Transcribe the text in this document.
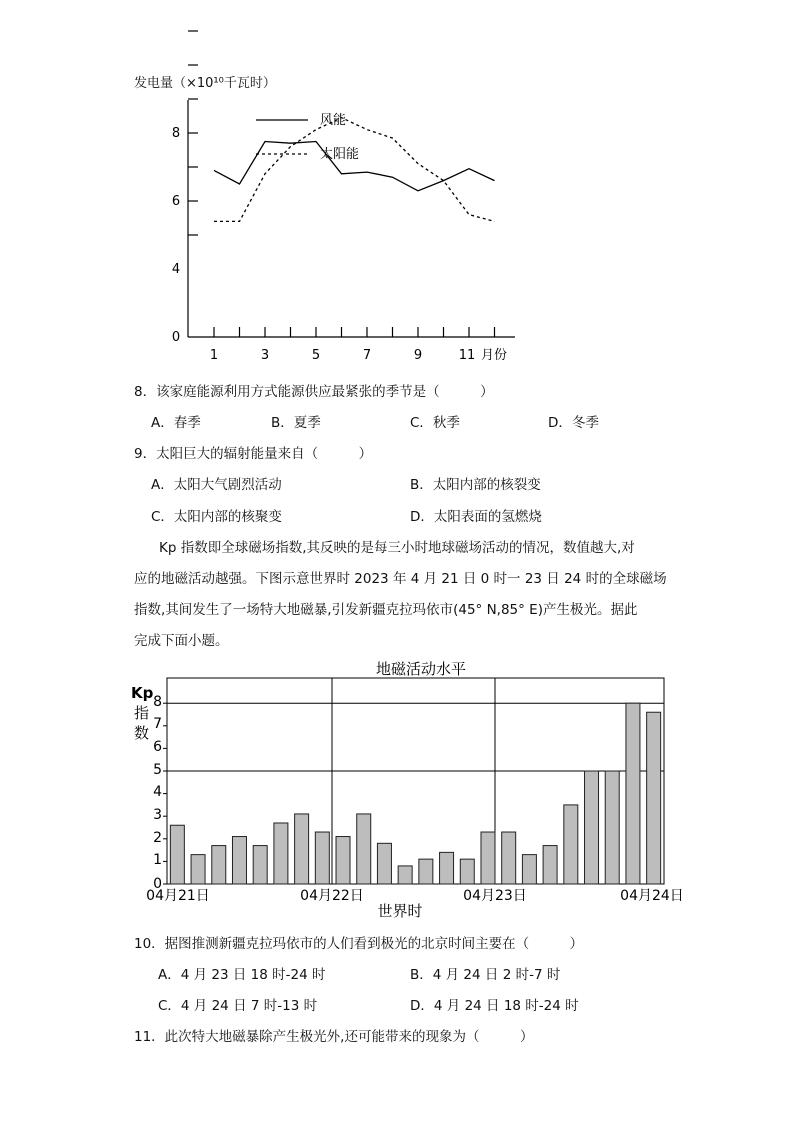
发电量（×10¹⁰千瓦时）
风能
太阳能
0
4
6
8
1	3	5	7	9	11 月份
8．该家庭能源利用方式能源供应最紧张的季节是（　　　）
A．春季	B．夏季	C．秋季	D．冬季
9．太阳巨大的辐射能量来自（　　　）
A．太阳大气剧烈活动	B．太阳内部的核裂变
C．太阳内部的核聚变	D．太阳表面的氢燃烧
Kp 指数即全球磁场指数,其反映的是每三小时地球磁场活动的情况，数值越大,对
应的地磁活动越强。下图示意世界时 2023 年 4 月 21 日 0 时一 23 日 24 时的全球磁场
指数,其间发生了一场特大地磁暴,引发新疆克拉玛依市(45° N,85° E)产生极光。据此
完成下面小题。
地磁活动水平
Kp
指
数
0
1
2
3
4
5
6
7
8
04月21日	04月22日	04月23日	04月24日
世界时
10．据图推测新疆克拉玛依市的人们看到极光的北京时间主要在（　　　）
A．4 月 23 日 18 时-24 时	B．4 月 24 日 2 时-7 时
C．4 月 24 日 7 时-13 时	D．4 月 24 日 18 时-24 时
11．此次特大地磁暴除产生极光外,还可能带来的现象为（　　　）
